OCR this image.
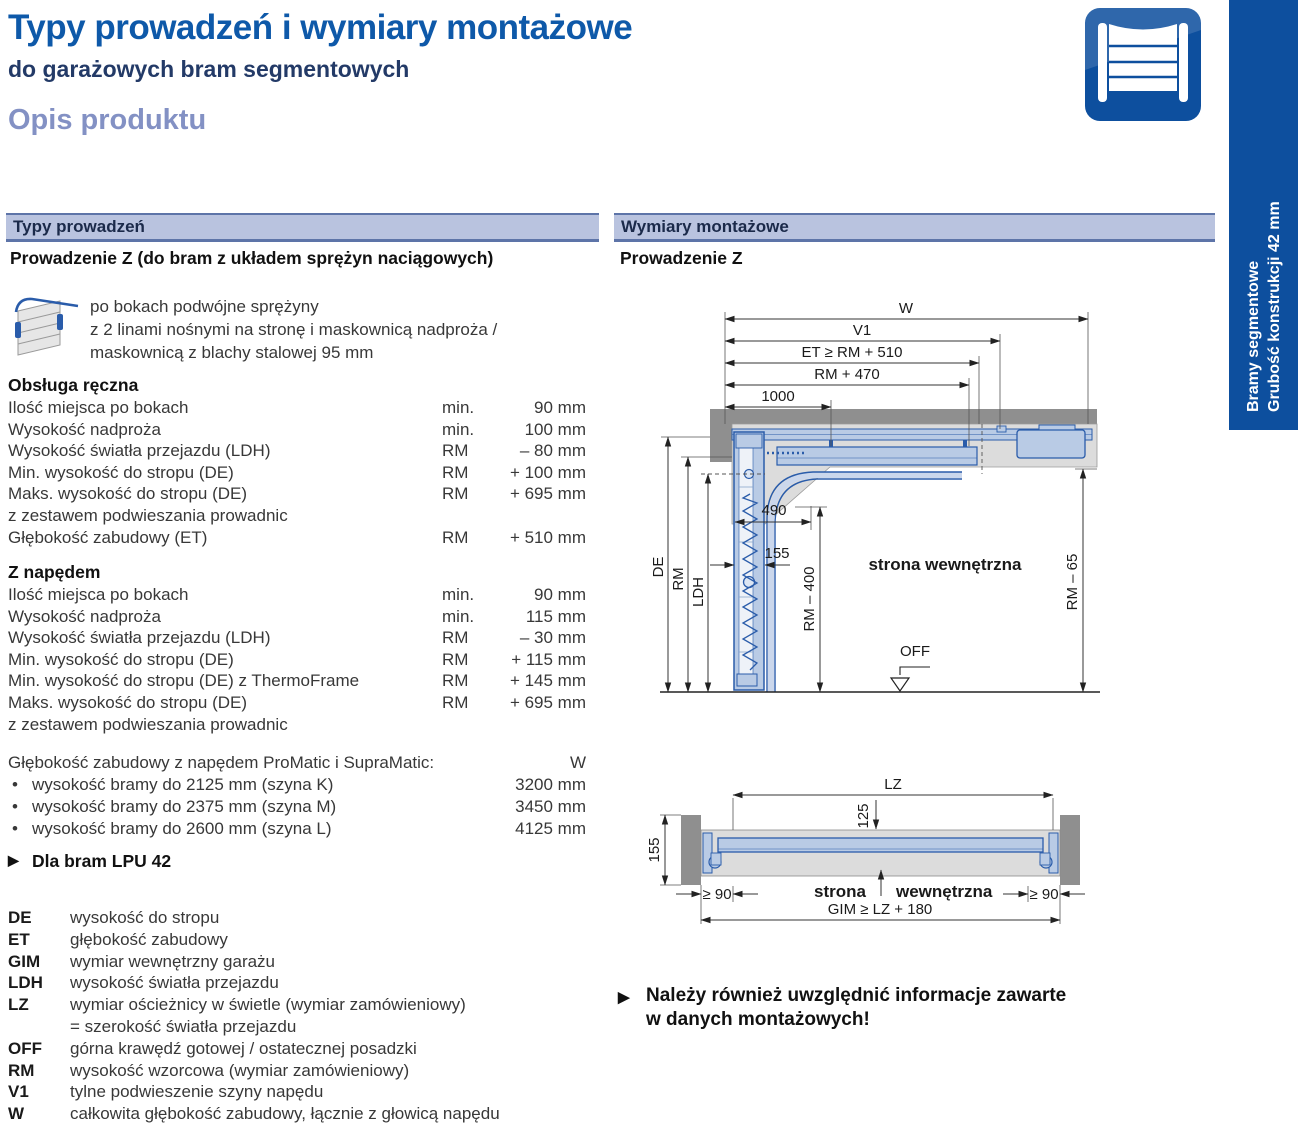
Typy prowadzeń i wymiary montażowe
do garażowych bram segmentowych
Opis produktu
Bramy segmentowe Grubość konstrukcji 42 mm
Typy prowadzeń
Prowadzenie Z (do bram z układem sprężyn naciągowych)
po bokach podwójne sprężyny
z 2 linami nośnymi na stronę i maskownicą nadproża /
maskownicą z blachy stalowej 95 mm
Obsługa ręczna
Ilość miejsca po bokach	min.	90 mm
Wysokość nadproża	min.	100 mm
Wysokość światła przejazdu (LDH)	RM	– 80 mm
Min. wysokość do stropu (DE)	RM	+ 100 mm
Maks. wysokość do stropu (DE)	RM	+ 695 mm
z zestawem podwieszania prowadnic
Głębokość zabudowy (ET)	RM	+ 510 mm
Z napędem
Ilość miejsca po bokach	min.	90 mm
Wysokość nadproża	min.	115 mm
Wysokość światła przejazdu (LDH)	RM	– 30 mm
Min. wysokość do stropu (DE)	RM	+ 115 mm
Min. wysokość do stropu (DE) z ThermoFrame	RM	+ 145 mm
Maks. wysokość do stropu (DE)	RM	+ 695 mm
z zestawem podwieszania prowadnic
Głębokość zabudowy z napędem ProMatic i SupraMatic:	W
• wysokość bramy do 2125 mm (szyna K)	3200 mm
• wysokość bramy do 2375 mm (szyna M)	3450 mm
• wysokość bramy do 2600 mm (szyna L)	4125 mm
▶ Dla bram LPU 42
DE	wysokość do stropu
ET	głębokość zabudowy
GIM	wymiar wewnętrzny garażu
LDH	wysokość światła przejazdu
LZ	wymiar ościeżnicy w świetle (wymiar zamówieniowy)
= szerokość światła przejazdu
OFF	górna krawędź gotowej / ostatecznej posadzki
RM	wysokość wzorcowa (wymiar zamówieniowy)
V1	tylne podwieszenie szyny napędu
W	całkowita głębokość zabudowy, łącznie z głowicą napędu
Wymiary montażowe
Prowadzenie Z
W
V1
ET ≥ RM + 510
RM + 470
1000
DE
RM LDH
490
155
RM – 400	RM – 65
strona wewnętrzna
OFF
LZ
125
155
≥ 90	≥ 90
GIM ≥ LZ + 180
strona wewnętrzna
▶ Należy również uwzględnić informacje zawarte
w danych montażowych!
